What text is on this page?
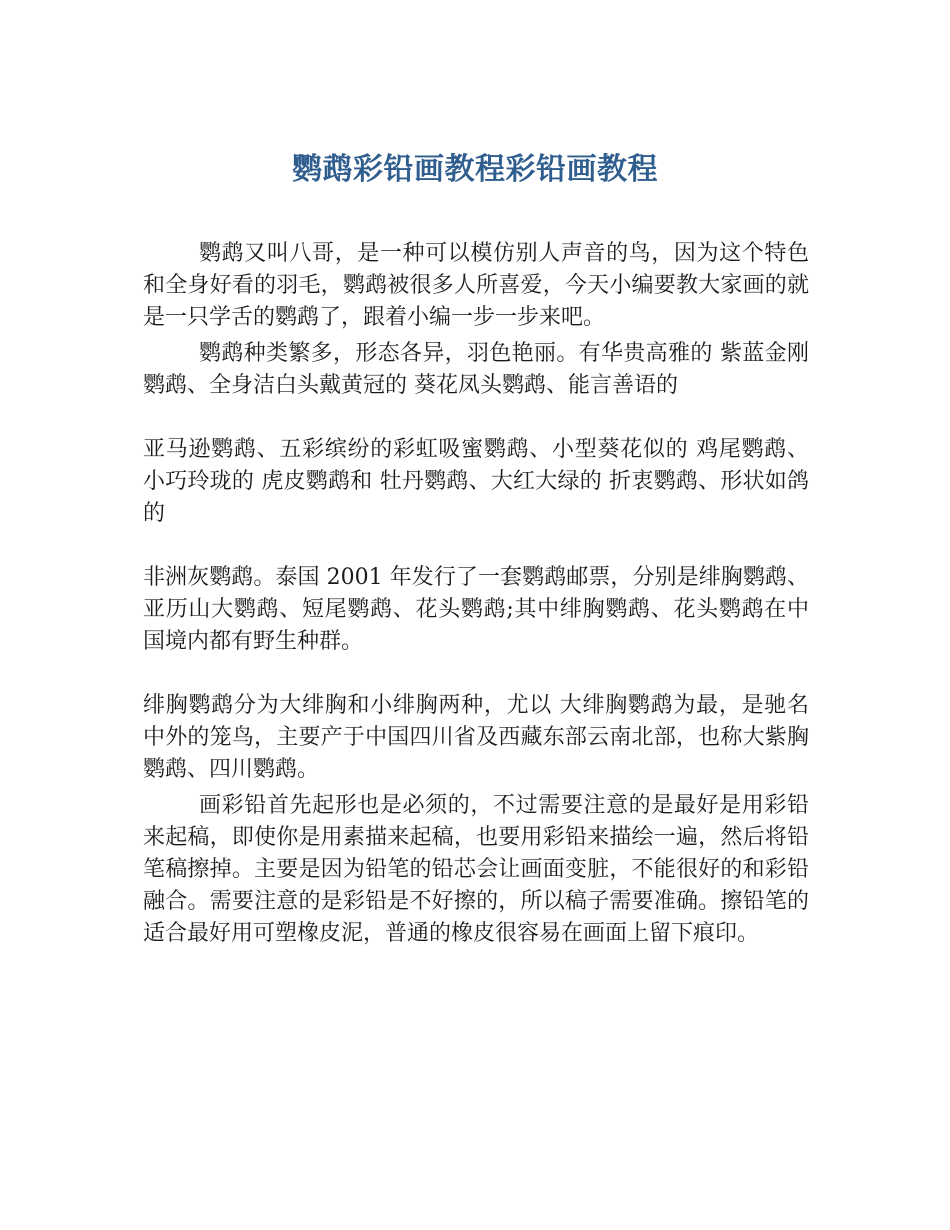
鹦鹉彩铅画教程彩铅画教程

鹦鹉又叫八哥，是一种可以模仿别人声音的鸟，因为这个特色和全身好看的羽毛，鹦鹉被很多人所喜爱，今天小编要教大家画的就是一只学舌的鹦鹉了，跟着小编一步一步来吧。

鹦鹉种类繁多，形态各异，羽色艳丽。有华贵高雅的 紫蓝金刚鹦鹉、全身洁白头戴黄冠的 葵花凤头鹦鹉、能言善语的

亚马逊鹦鹉、五彩缤纷的彩虹吸蜜鹦鹉、小型葵花似的 鸡尾鹦鹉、小巧玲珑的 虎皮鹦鹉和 牡丹鹦鹉、大红大绿的 折衷鹦鹉、形状如鸽的

非洲灰鹦鹉。泰国 2001 年发行了一套鹦鹉邮票，分别是绯胸鹦鹉、亚历山大鹦鹉、短尾鹦鹉、花头鹦鹉;其中绯胸鹦鹉、花头鹦鹉在中国境内都有野生种群。

绯胸鹦鹉分为大绯胸和小绯胸两种，尤以 大绯胸鹦鹉为最，是驰名中外的笼鸟，主要产于中国四川省及西藏东部云南北部，也称大紫胸鹦鹉、四川鹦鹉。

画彩铅首先起形也是必须的，不过需要注意的是最好是用彩铅来起稿，即使你是用素描来起稿，也要用彩铅来描绘一遍，然后将铅笔稿擦掉。主要是因为铅笔的铅芯会让画面变脏，不能很好的和彩铅融合。需要注意的是彩铅是不好擦的，所以稿子需要准确。擦铅笔的适合最好用可塑橡皮泥，普通的橡皮很容易在画面上留下痕印。
